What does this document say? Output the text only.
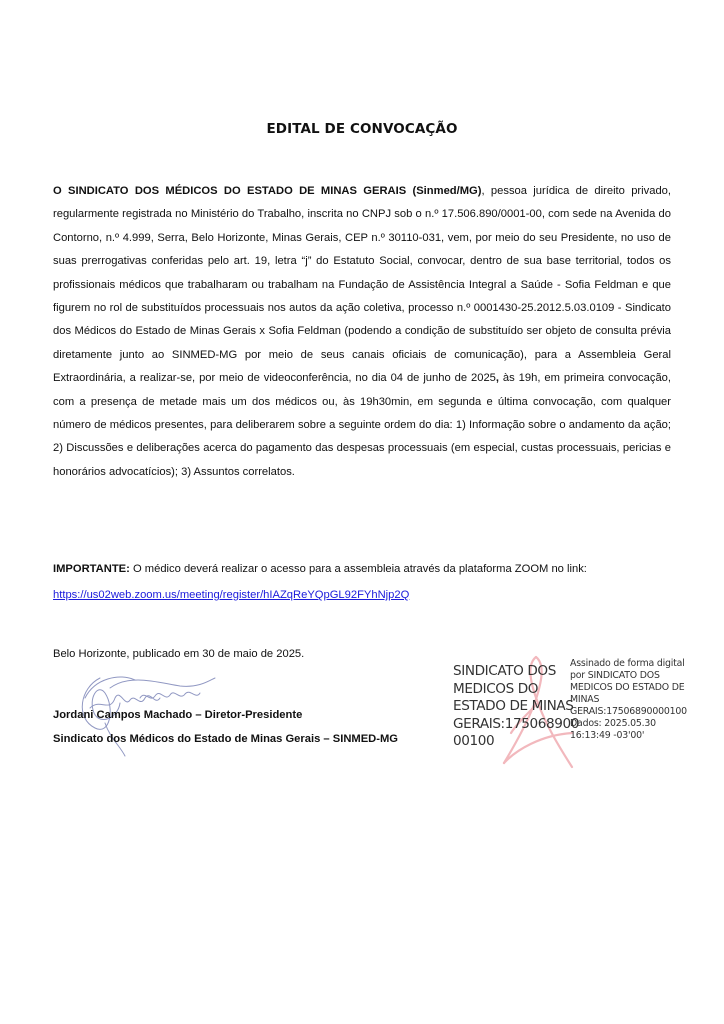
EDITAL DE CONVOCAÇÃO
O SINDICATO DOS MÉDICOS DO ESTADO DE MINAS GERAIS (Sinmed/MG), pessoa jurídica de direito privado, regularmente registrada no Ministério do Trabalho, inscrita no CNPJ sob o n.º 17.506.890/0001-00, com sede na Avenida do Contorno, n.º 4.999, Serra, Belo Horizonte, Minas Gerais, CEP n.º 30110-031, vem, por meio do seu Presidente, no uso de suas prerrogativas conferidas pelo art. 19, letra “j” do Estatuto Social, convocar, dentro de sua base territorial, todos os profissionais médicos que trabalharam ou trabalham na Fundação de Assistência Integral a Saúde - Sofia Feldman e que figurem no rol de substituídos processuais nos autos da ação coletiva, processo n.º 0001430-25.2012.5.03.0109 - Sindicato dos Médicos do Estado de Minas Gerais x Sofia Feldman (podendo a condição de substituído ser objeto de consulta prévia diretamente junto ao SINMED-MG por meio de seus canais oficiais de comunicação), para a Assembleia Geral Extraordinária, a realizar-se, por meio de videoconferência, no dia 04 de junho de 2025, às 19h, em primeira convocação, com a presença de metade mais um dos médicos ou, às 19h30min, em segunda e última convocação, com qualquer número de médicos presentes, para deliberarem sobre a seguinte ordem do dia: 1) Informação sobre o andamento da ação; 2) Discussões e deliberações acerca do pagamento das despesas processuais (em especial, custas processuais, pericias e honorários advocatícios); 3) Assuntos correlatos.
IMPORTANTE: O médico deverá realizar o acesso para a assembleia através da plataforma ZOOM no link:
https://us02web.zoom.us/meeting/register/hIAZqReYQpGL92FYhNjp2Q
Belo Horizonte, publicado em 30 de maio de 2025.
Jordani Campos Machado – Diretor-Presidente
Sindicato dos Médicos do Estado de Minas Gerais – SINMED-MG
SINDICATO DOS
MEDICOS DO
ESTADO DE MINAS
GERAIS:175068900
00100
Assinado de forma digital
por SINDICATO DOS
MEDICOS DO ESTADO DE
MINAS
GERAIS:17506890000100
Dados: 2025.05.30
16:13:49 -03'00'
